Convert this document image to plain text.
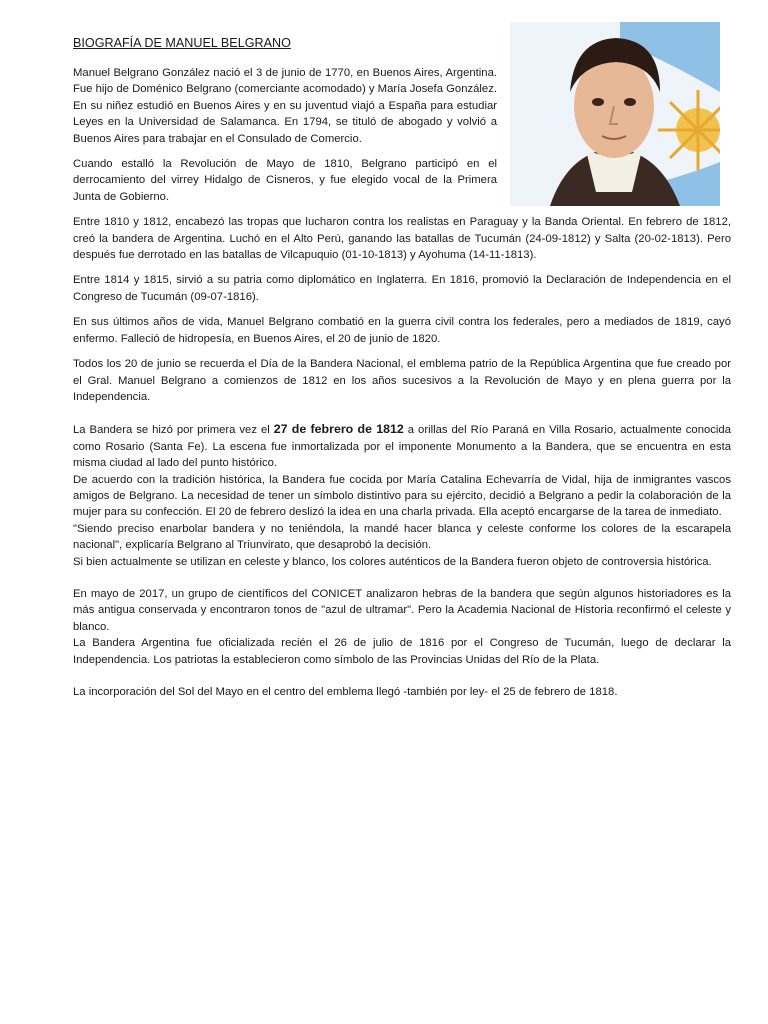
BIOGRAFÍA DE MANUEL BELGRANO

Manuel Belgrano González nació el 3 de junio de 1770, en Buenos Aires, Argentina. Fue hijo de Doménico Belgrano (comerciante acomodado) y María Josefa González. En su niñez estudió en Buenos Aires y en su juventud viajó a España para estudiar Leyes en la Universidad de Salamanca. En 1794, se tituló de abogado y volvió a Buenos Aires para trabajar en el Consulado de Comercio.

Cuando estalló la Revolución de Mayo de 1810, Belgrano participó en el derrocamiento del virrey Hidalgo de Cisneros, y fue elegido vocal de la Primera Junta de Gobierno.

Entre 1810 y 1812, encabezó las tropas que lucharon contra los realistas en Paraguay y la Banda Oriental. En febrero de 1812, creó la bandera de Argentina. Luchó en el Alto Perú, ganando las batallas de Tucumán (24-09-1812) y Salta (20-02-1813). Pero después fue derrotado en las batallas de Vilcapuquio (01-10-1813) y Ayohuma (14-11-1813).

Entre 1814 y 1815, sirvió a su patria como diplomático en Inglaterra. En 1816, promovió la Declaración de Independencia en el Congreso de Tucumán (09-07-1816).

En sus últimos años de vida, Manuel Belgrano combatió en la guerra civil contra los federales, pero a mediados de 1819, cayó enfermo. Falleció de hidropesía, en Buenos Aires, el 20 de junio de 1820.

Todos los 20 de junio se recuerda el Día de la Bandera Nacional, el emblema patrio de la República Argentina que fue creado por el Gral. Manuel Belgrano a comienzos de 1812 en los años sucesivos a la Revolución de Mayo y en plena guerra por la Independencia.

La Bandera se hizó por primera vez el 27 de febrero de 1812 a orillas del Río Paraná en Villa Rosario, actualmente conocida como Rosario (Santa Fe). La escena fue inmortalizada por el imponente Monumento a la Bandera, que se encuentra en esta misma ciudad al lado del punto histórico.

De acuerdo con la tradición histórica, la Bandera fue cocida por María Catalina Echevarría de Vidal, hija de inmigrantes vascos amigos de Belgrano. La necesidad de tener un símbolo distintivo para su ejército, decidió a Belgrano a pedir la colaboración de la mujer para su confección. El 20 de febrero deslizó la idea en una charla privada. Ella aceptó encargarse de la tarea de inmediato.

"Siendo preciso enarbolar bandera y no teniéndola, la mandé hacer blanca y celeste conforme los colores de la escarapela nacional", explicaría Belgrano al Triunvirato, que desaprobó la decisión.

Si bien actualmente se utilizan en celeste y blanco, los colores auténticos de la Bandera fueron objeto de controversia histórica.

En mayo de 2017, un grupo de científicos del CONICET analizaron hebras de la bandera que según algunos historiadores es la más antigua conservada y encontraron tonos de "azul de ultramar". Pero la Academia Nacional de Historia reconfirmó el celeste y blanco.

La Bandera Argentina fue oficializada recién el 26 de julio de 1816 por el Congreso de Tucumán, luego de declarar la Independencia. Los patriotas la establecieron como símbolo de las Provincias Unidas del Río de la Plata.

La incorporación del Sol del Mayo en el centro del emblema llegó -también por ley- el 25 de febrero de 1818.
